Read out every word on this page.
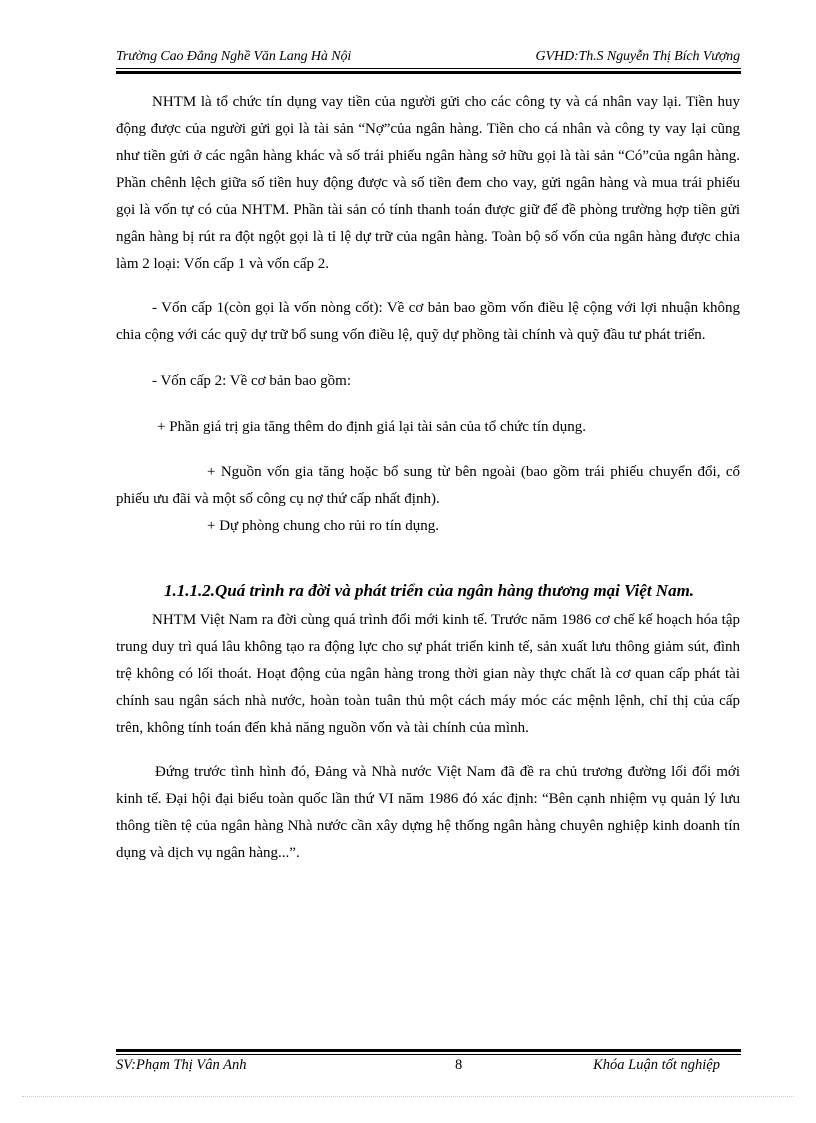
Trường Cao Đẳng Nghề Văn Lang Hà Nội	GVHD:Th.S Nguyễn Thị Bích Vượng

NHTM là tổ chức tín dụng vay tiền của người gửi cho các công ty và cá nhân vay lại. Tiền huy động được của người gửi gọi là tài sản “Nợ”của ngân hàng. Tiền cho cá nhân và công ty vay lại cũng như tiền gửi ở các ngân hàng khác và số trái phiếu ngân hàng sở hữu gọi là tài sản “Có”của ngân hàng. Phần chênh lệch giữa số tiền huy động được và số tiền đem cho vay, gửi ngân hàng và mua trái phiếu gọi là vốn tự có của NHTM. Phần tài sản có tính thanh toán được giữ để đề phòng trường hợp tiền gửi ngân hàng bị rút ra đột ngột gọi là tỉ lệ dự trữ của ngân hàng. Toàn bộ số vốn của ngân hàng được chia làm 2 loại: Vốn cấp 1 và vốn cấp 2.

- Vốn cấp 1(còn gọi là vốn nòng cốt): Về cơ bản bao gồm vốn điều lệ cộng với lợi nhuận không chia cộng với các quỹ dự trữ bổ sung vốn điều lệ, quỹ dự phồng tài chính và quỹ đầu tư phát triển.

- Vốn cấp 2: Về cơ bản bao gồm:

+ Phần giá trị gia tăng thêm do định giá lại tài sản của tổ chức tín dụng.

+ Nguồn vốn gia tăng hoặc bổ sung từ bên ngoài (bao gồm trái phiếu chuyển đổi, cổ phiếu ưu đãi và một số công cụ nợ thứ cấp nhất định).

+ Dự phòng chung cho rủi ro tín dụng.

1.1.1.2.Quá trình ra đời và phát triển của ngân hàng thương mại Việt Nam.

NHTM Việt Nam ra đời cùng quá trình đổi mới kinh tế. Trước năm 1986 cơ chế kế hoạch hóa tập trung duy trì quá lâu không tạo ra động lực cho sự phát triển kinh tế, sản xuất lưu thông giảm sút, đình trệ không có lối thoát. Hoạt động của ngân hàng trong thời gian này thực chất là cơ quan cấp phát tài chính sau ngân sách nhà nước, hoàn toàn tuân thủ một cách máy móc các mệnh lệnh, chỉ thị của cấp trên, không tính toán đến khả năng nguồn vốn và tài chính của mình.

Đứng trước tình hình đó, Đảng và Nhà nước Việt Nam đã đề ra chủ trương đường lối đổi mới kinh tế. Đại hội đại biểu toàn quốc lần thứ VI năm 1986 đó xác định: “Bên cạnh nhiệm vụ quản lý lưu thông tiền tệ của ngân hàng Nhà nước cần xây dựng hệ thống ngân hàng chuyên nghiệp kinh doanh tín dụng và dịch vụ ngân hàng...”.

SV:Phạm Thị Vân Anh	8	Khóa Luận tốt nghiệp
